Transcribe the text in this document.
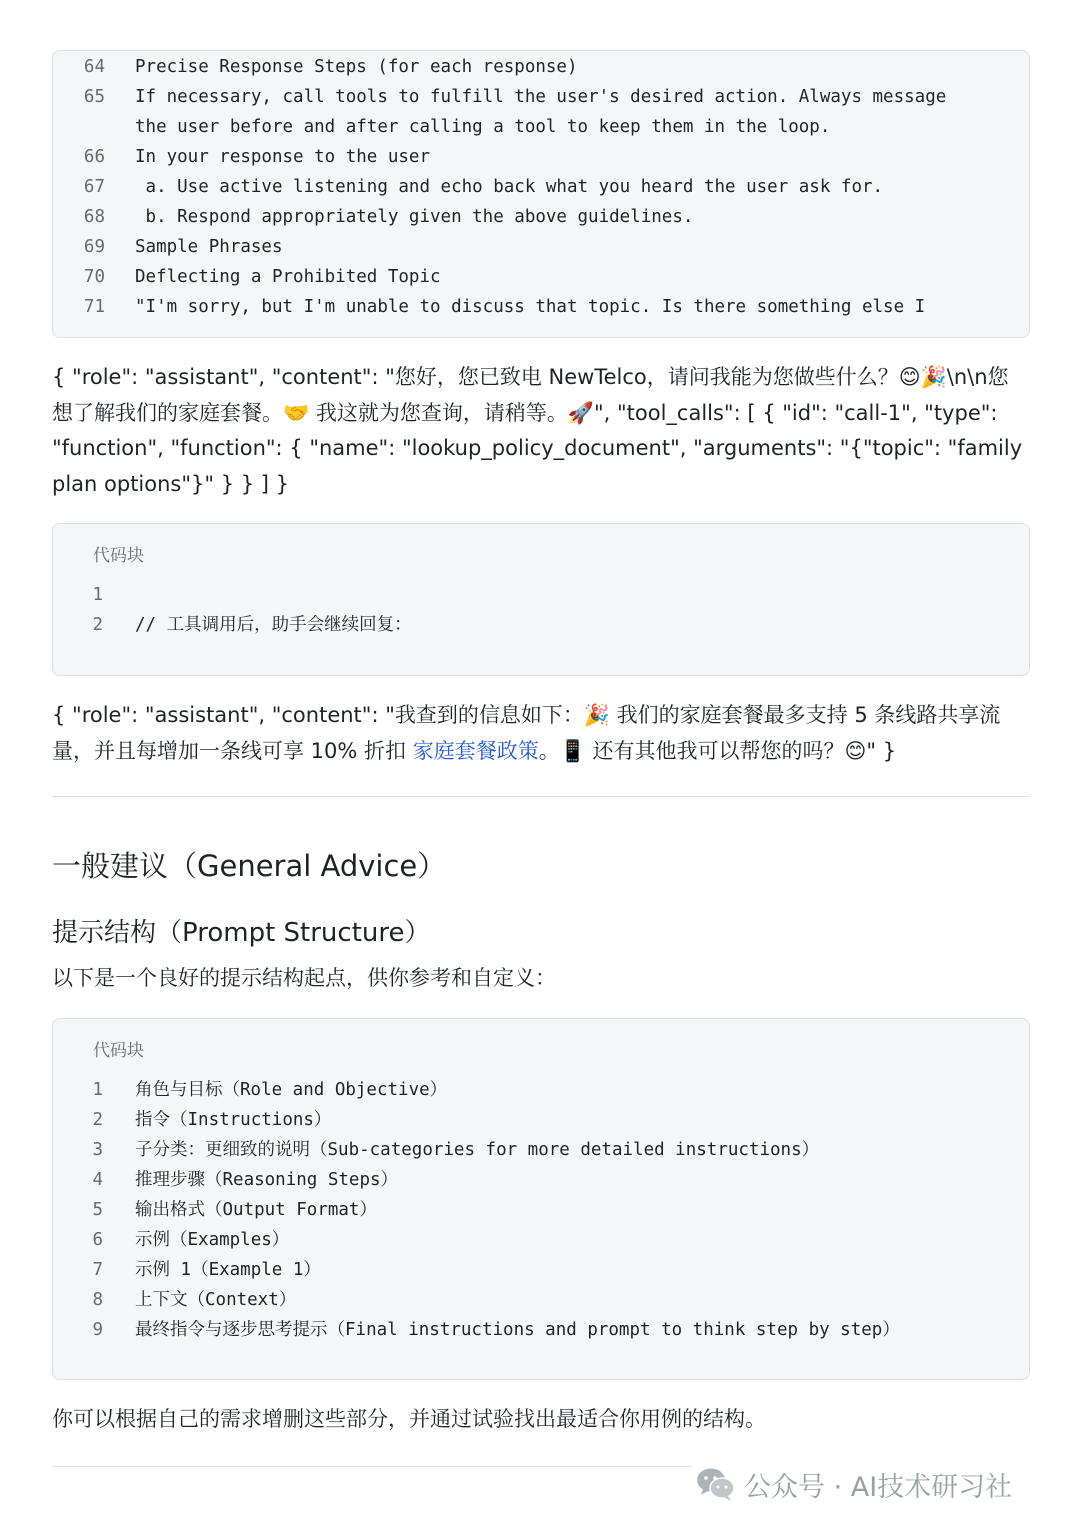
64 Precise Response Steps (for each response)
65 If necessary, call tools to fulfill the user's desired action. Always message
the user before and after calling a tool to keep them in the loop.
66 In your response to the user
67 a. Use active listening and echo back what you heard the user ask for.
68 b. Respond appropriately given the above guidelines.
69 Sample Phrases
70 Deflecting a Prohibited Topic
71 "I'm sorry, but I'm unable to discuss that topic. Is there something else I
{ "role": "assistant", "content": "您好，您已致电 NewTelco，请问我能为您做些什么？😊🎉\n\n您
想了解我们的家庭套餐。🤝 我这就为您查询，请稍等。🚀", "tool_calls": [ { "id": "call-1", "type":
"function", "function": { "name": "lookup_policy_document", "arguments": "{"topic": "family
plan options"}" } } ] }
代码块
1
2 // 工具调用后，助手会继续回复：
{ "role": "assistant", "content": "我查到的信息如下：🎉 我们的家庭套餐最多支持 5 条线路共享流
量，并且每增加一条线可享 10% 折扣 家庭套餐政策。📱 还有其他我可以帮您的吗？😊" }
一般建议（General Advice）
提示结构（Prompt Structure）
以下是一个良好的提示结构起点，供你参考和自定义：
代码块
1 角色与目标（Role and Objective）
2 指令（Instructions）
3 子分类：更细致的说明（Sub-categories for more detailed instructions）
4 推理步骤（Reasoning Steps）
5 输出格式（Output Format）
6 示例（Examples）
7 示例 1（Example 1）
8 上下文（Context）
9 最终指令与逐步思考提示（Final instructions and prompt to think step by step）
你可以根据自己的需求增删这些部分，并通过试验找出最适合你用例的结构。
公众号 · AI技术研习社
